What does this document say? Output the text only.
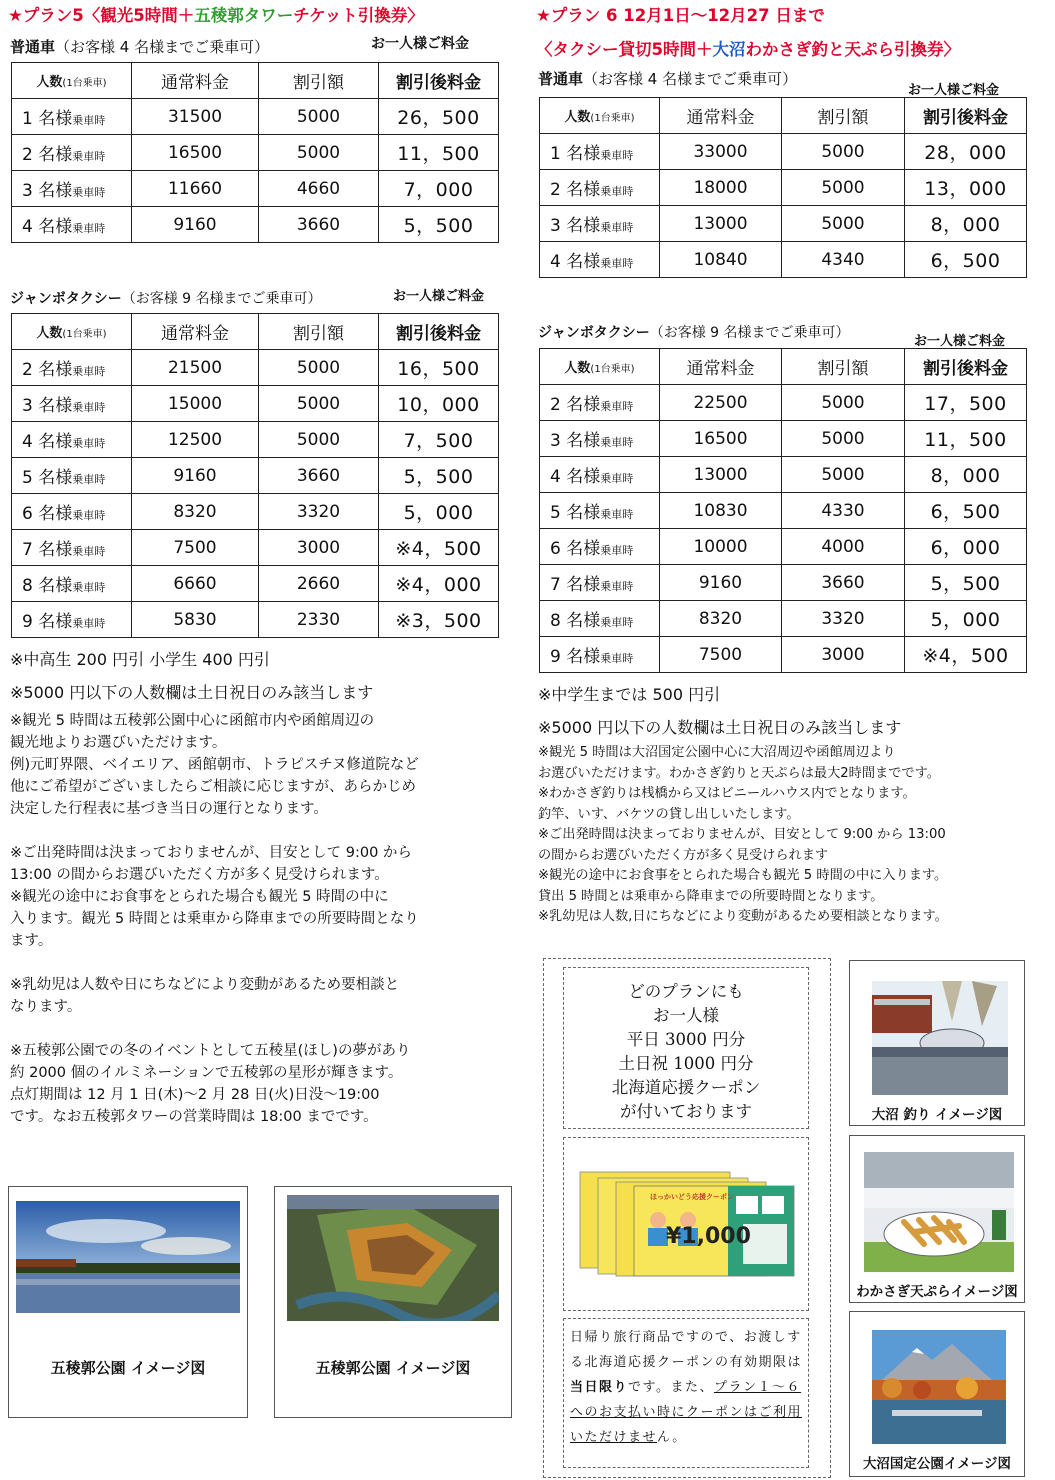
★プラン5〈観光5時間＋五稜郭タワーチケット引換券〉
普通車（お客様 4 名様までご乗車可）	お一人様ご料金
人数(1台乗車)	通常料金	割引額	割引後料金
1 名様乗車時	31500	5000	26，500
2 名様乗車時	16500	5000	11，500
3 名様乗車時	11660	4660	7，000
4 名様乗車時	9160	3660	5，500
ジャンボタクシー（お客様 9 名様までご乗車可）	お一人様ご料金
人数(1台乗車)	通常料金	割引額	割引後料金
2 名様乗車時	21500	5000	16，500
3 名様乗車時	15000	5000	10，000
4 名様乗車時	12500	5000	7，500
5 名様乗車時	9160	3660	5，500
6 名様乗車時	8320	3320	5，000
7 名様乗車時	7500	3000	※4，500
8 名様乗車時	6660	2660	※4，000
9 名様乗車時	5830	2330	※3，500
※中高生 200 円引 小学生 400 円引
※5000 円以下の人数欄は土日祝日のみ該当します
※観光 5 時間は五稜郭公園中心に函館市内や函館周辺の
観光地よりお選びいただけます。
例)元町界隈、ベイエリア、函館朝市、トラピスチヌ修道院など
他にご希望がございましたらご相談に応じますが、あらかじめ
決定した行程表に基づき当日の運行となります。

※ご出発時間は決まっておりませんが、目安として 9:00 から
13:00 の間からお選びいただく方が多く見受けられます。
※観光の途中にお食事をとられた場合も観光 5 時間の中に
入ります。観光 5 時間とは乗車から降車までの所要時間となり
ます。

※乳幼児は人数や日にちなどにより変動があるため要相談と
なります。

※五稜郭公園での冬のイベントとして五稜星(ほし)の夢があり
約 2000 個のイルミネーションで五稜郭の星形が輝きます。
点灯期間は 12 月 1 日(木)～2 月 28 日(火)日没～19:00
です。なお五稜郭タワーの営業時間は 18:00 までです。
五稜郭公園 イメージ図	五稜郭公園 イメージ図
★プラン 6 12月1日～12月27 日まで
〈タクシー貸切5時間＋大沼わかさぎ釣と天ぷら引換券〉
普通車（お客様 4 名様までご乗車可）
お一人様ご料金
人数(1台乗車)	通常料金	割引額	割引後料金
1 名様乗車時	33000	5000	28，000
2 名様乗車時	18000	5000	13，000
3 名様乗車時	13000	5000	8，000
4 名様乗車時	10840	4340	6，500
ジャンボタクシー（お客様 9 名様までご乗車可）
お一人様ご料金
人数(1台乗車)	通常料金	割引額	割引後料金
2 名様乗車時	22500	5000	17，500
3 名様乗車時	16500	5000	11，500
4 名様乗車時	13000	5000	8，000
5 名様乗車時	10830	4330	6，500
6 名様乗車時	10000	4000	6，000
7 名様乗車時	9160	3660	5，500
8 名様乗車時	8320	3320	5，000
9 名様乗車時	7500	3000	※4，500
※中学生までは 500 円引
※5000 円以下の人数欄は土日祝日のみ該当します
※観光 5 時間は大沼国定公園中心に大沼周辺や函館周辺より
お選びいただけます。わかさぎ釣りと天ぷらは最大2時間までです。
※わかさぎ釣りは桟橋から又はビニールハウス内でとなります。
釣竿、いす、バケツの貸し出しいたします。
※ご出発時間は決まっておりませんが、目安として 9:00 から 13:00
の間からお選びいただく方が多く見受けられます
※観光の途中にお食事をとられた場合も観光 5 時間の中に入ります。
貸出 5 時間とは乗車から降車までの所要時間となります。
※乳幼児は人数,日にちなどにより変動があるため要相談となります。
どのプランにも
お一人様
平日 3000 円分
土日祝 1000 円分
北海道応援クーポン
が付いております
ほっかいどう応援クーポン
¥1,000
日帰り旅行商品ですので、お渡しする北海道応援クーポンの有効期限は当日限りです。また、プラン１～６へのお支払い時にクーポンはご利用いただけません。
大沼 釣り イメージ図
わかさぎ天ぷらイメージ図
大沼国定公園イメージ図
